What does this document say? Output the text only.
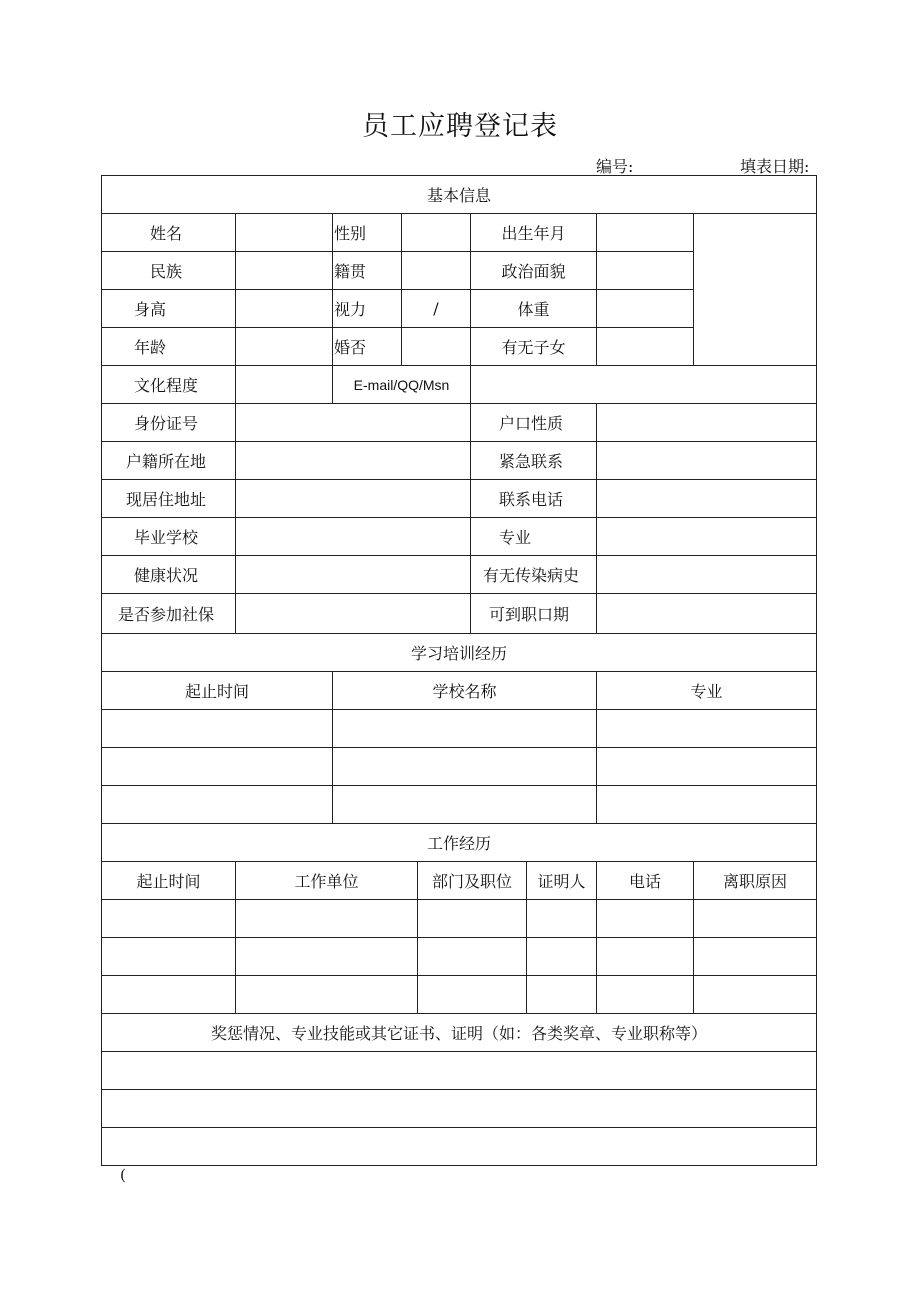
员工应聘登记表
编号:	填表日期:
基本信息
姓名	性别	出生年月
民族	籍贯	政治面貌
身高	视力	/	体重
年龄	婚否	有无子女
文化程度	E-mail/QQ/Msn
身份证号	户口性质
户籍所在地	紧急联系
现居住地址	联系电话
毕业学校	专业
健康状况	有无传染病史
是否参加社保	可到职口期
学习培训经历
起止时间	学校名称	专业
工作经历
起止时间	工作单位	部门及职位	证明人	电话	离职原因
奖惩情况、专业技能或其它证书、证明（如：各类奖章、专业职称等）
(
